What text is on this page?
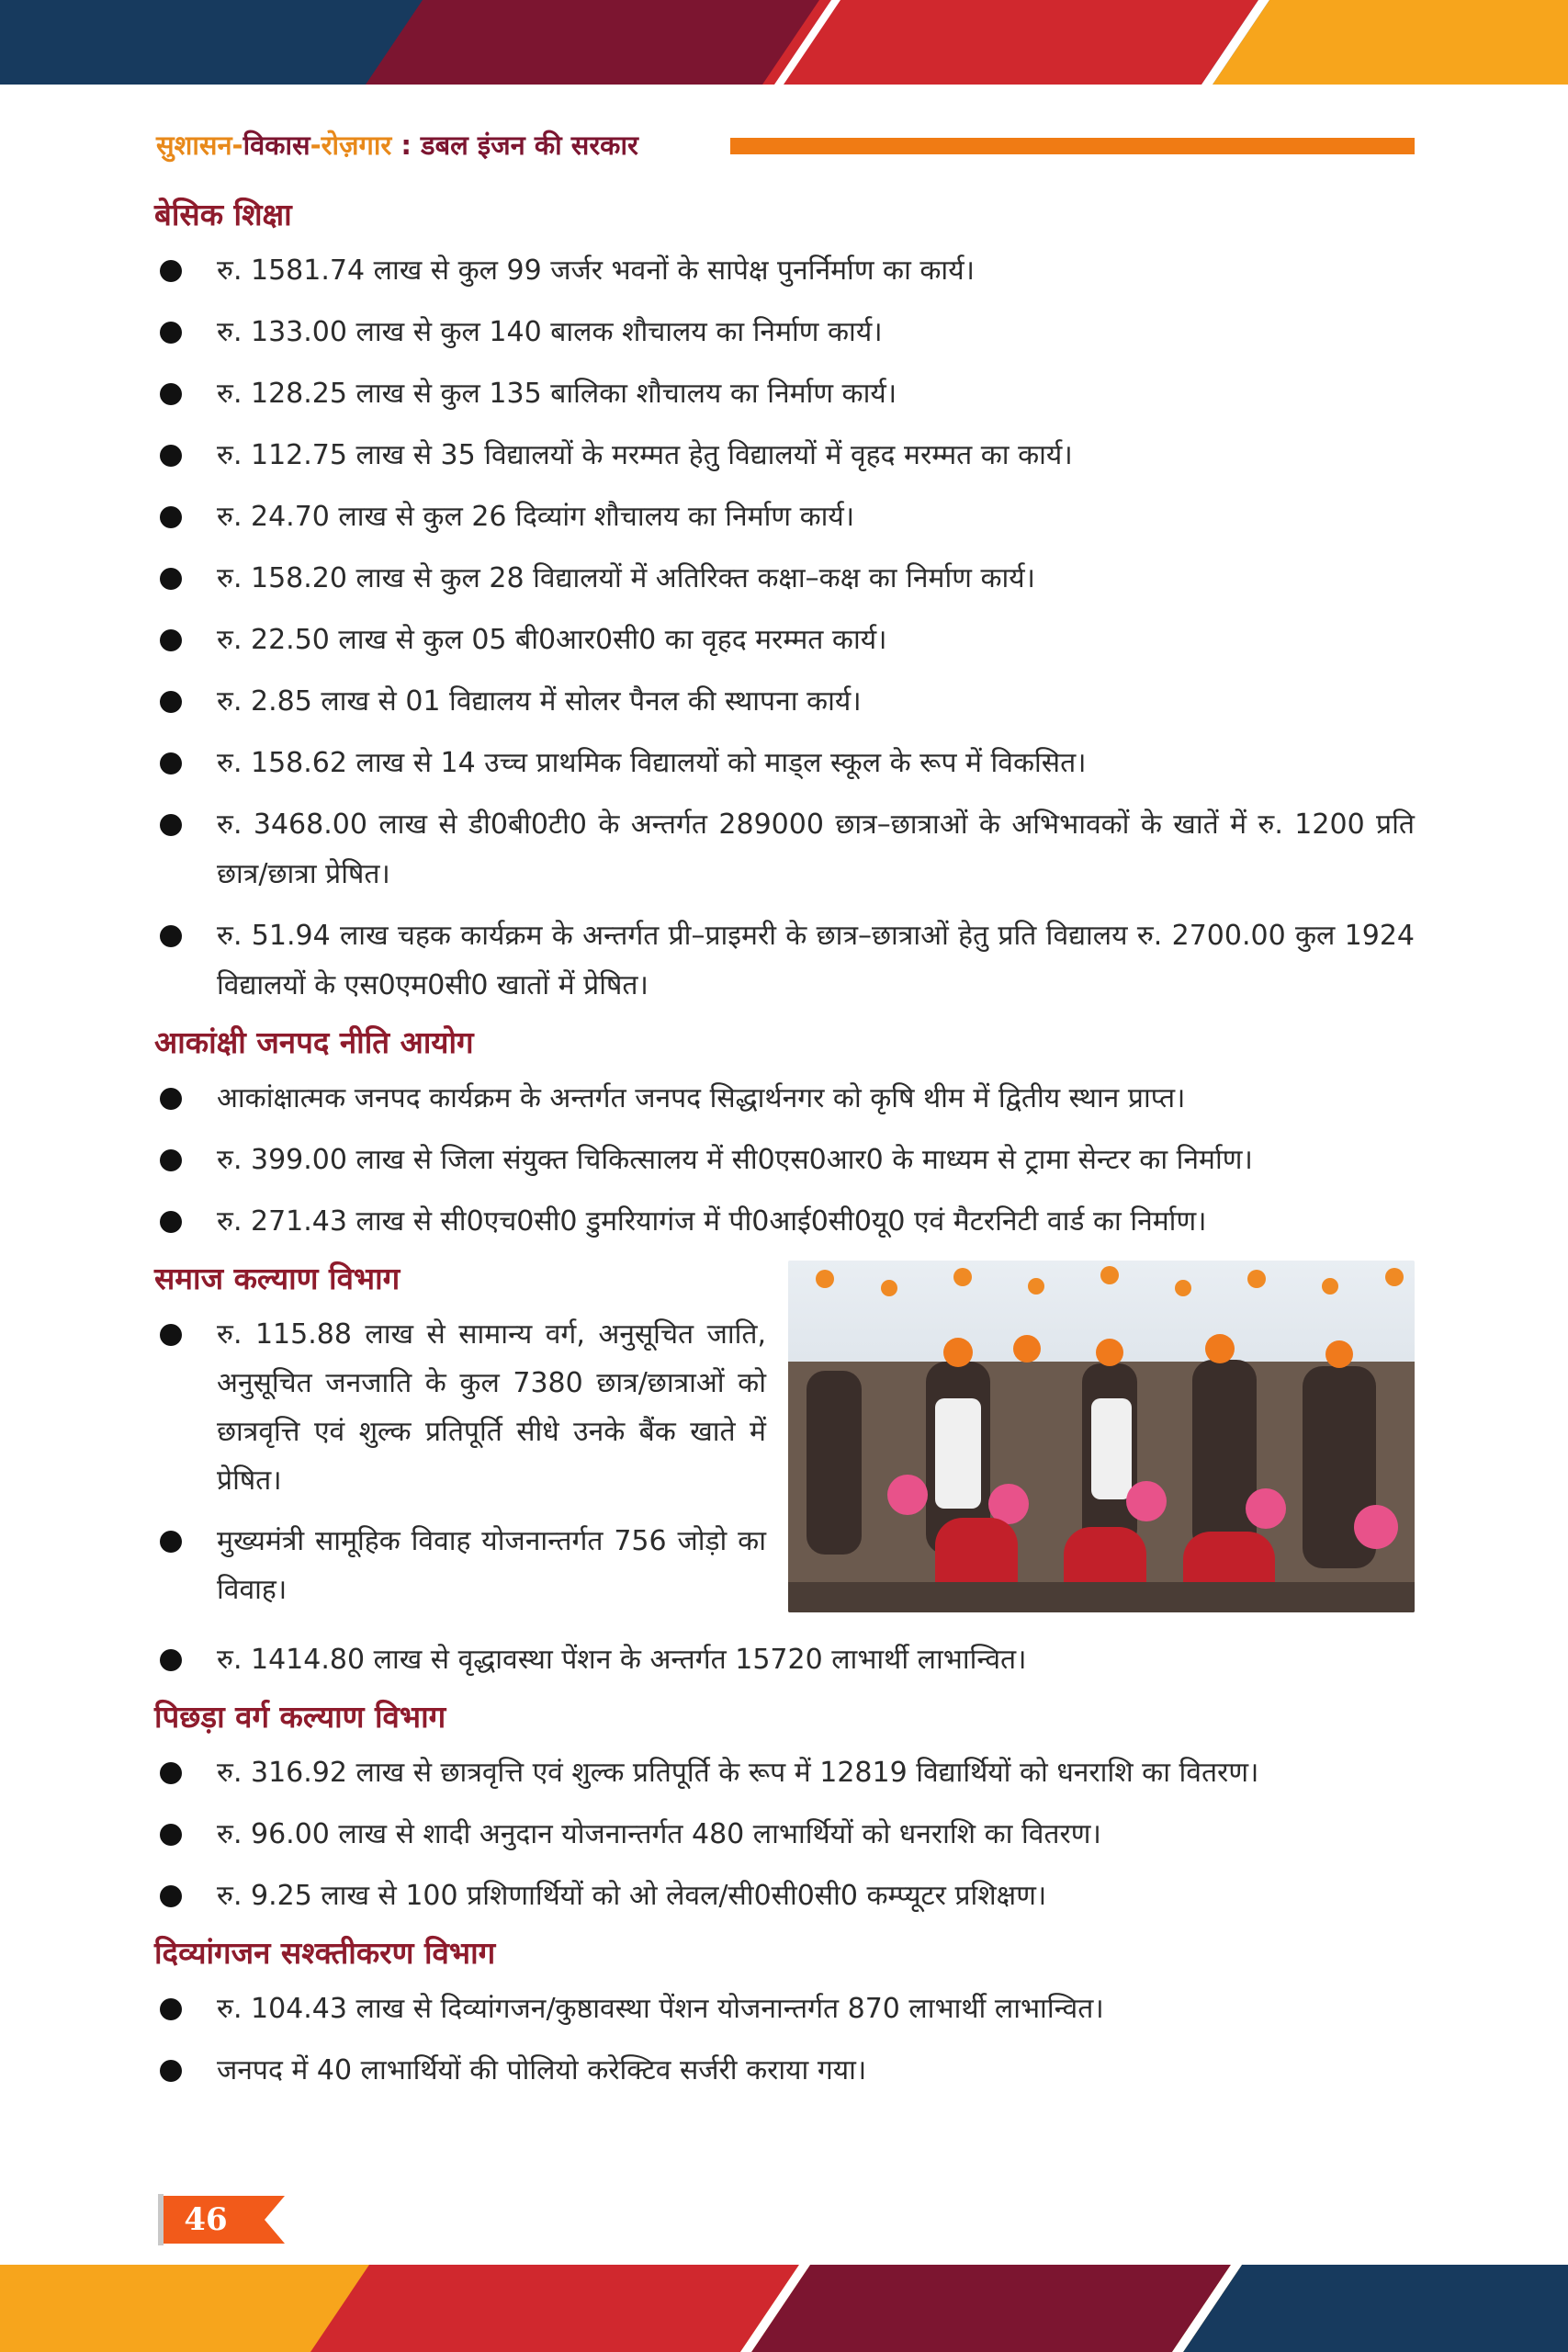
सुशासन-विकास-रोज़गार : डबल इंजन की सरकार
बेसिक शिक्षा
रु. 1581.74 लाख से कुल 99 जर्जर भवनों के सापेक्ष पुनर्निर्माण का कार्य।
रु. 133.00 लाख से कुल 140 बालक शौचालय का निर्माण कार्य।
रु. 128.25 लाख से कुल 135 बालिका शौचालय का निर्माण कार्य।
रु. 112.75 लाख से 35 विद्यालयों के मरम्मत हेतु विद्यालयों में वृहद मरम्मत का कार्य।
रु. 24.70 लाख से कुल 26 दिव्यांग शौचालय का निर्माण कार्य।
रु. 158.20 लाख से कुल 28 विद्यालयों में अतिरिक्त कक्षा–कक्ष का निर्माण कार्य।
रु. 22.50 लाख से कुल 05 बी0आर0सी0 का वृहद मरम्मत कार्य।
रु. 2.85 लाख से 01 विद्यालय में सोलर पैनल की स्थापना कार्य।
रु. 158.62 लाख से 14 उच्च प्राथमिक विद्यालयों को माड्ल स्कूल के रूप में विकसित।
रु. 3468.00 लाख से डी0बी0टी0 के अन्तर्गत 289000 छात्र–छात्राओं के अभिभावकों के खातें में रु. 1200 प्रति छात्र/छात्रा प्रेषित।
रु. 51.94 लाख चहक कार्यक्रम के अन्तर्गत प्री–प्राइमरी के छात्र–छात्राओं हेतु प्रति विद्यालय रु. 2700.00 कुल 1924 विद्यालयों के एस0एम0सी0 खातों में प्रेषित।
आकांक्षी जनपद नीति आयोग
आकांक्षात्मक जनपद कार्यक्रम के अन्तर्गत जनपद सिद्धार्थनगर को कृषि थीम में द्वितीय स्थान प्राप्त।
रु. 399.00 लाख से जिला संयुक्त चिकित्सालय में सी0एस0आर0 के माध्यम से ट्रामा सेन्टर का निर्माण।
रु. 271.43 लाख से सी0एच0सी0 डुमरियागंज में पी0आई0सी0यू0 एवं मैटरनिटी वार्ड का निर्माण।
समाज कल्याण विभाग
रु. 115.88 लाख से सामान्य वर्ग, अनुसूचित जाति, अनुसूचित जनजाति के कुल 7380 छात्र/छात्राओं को छात्रवृत्ति एवं शुल्क प्रतिपूर्ति सीधे उनके बैंक खाते में प्रेषित।
मुख्यमंत्री सामूहिक विवाह योजनान्तर्गत 756 जोड़ो का विवाह।
रु. 1414.80 लाख से वृद्धावस्था पेंशन के अन्तर्गत 15720 लाभार्थी लाभान्वित।
पिछड़ा वर्ग कल्याण विभाग
रु. 316.92 लाख से छात्रवृत्ति एवं शुल्क प्रतिपूर्ति के रूप में 12819 विद्यार्थियों को धनराशि का वितरण।
रु. 96.00 लाख से शादी अनुदान योजनान्तर्गत 480 लाभार्थियों को धनराशि का वितरण।
रु. 9.25 लाख से 100 प्रशिणार्थियों को ओ लेवल/सी0सी0सी0 कम्प्यूटर प्रशिक्षण।
दिव्यांगजन सश्क्तीकरण विभाग
रु. 104.43 लाख से दिव्यांगजन/कुष्ठावस्था पेंशन योजनान्तर्गत 870 लाभार्थी लाभान्वित।
जनपद में 40 लाभार्थियों की पोलियो करेक्टिव सर्जरी कराया गया।
46
